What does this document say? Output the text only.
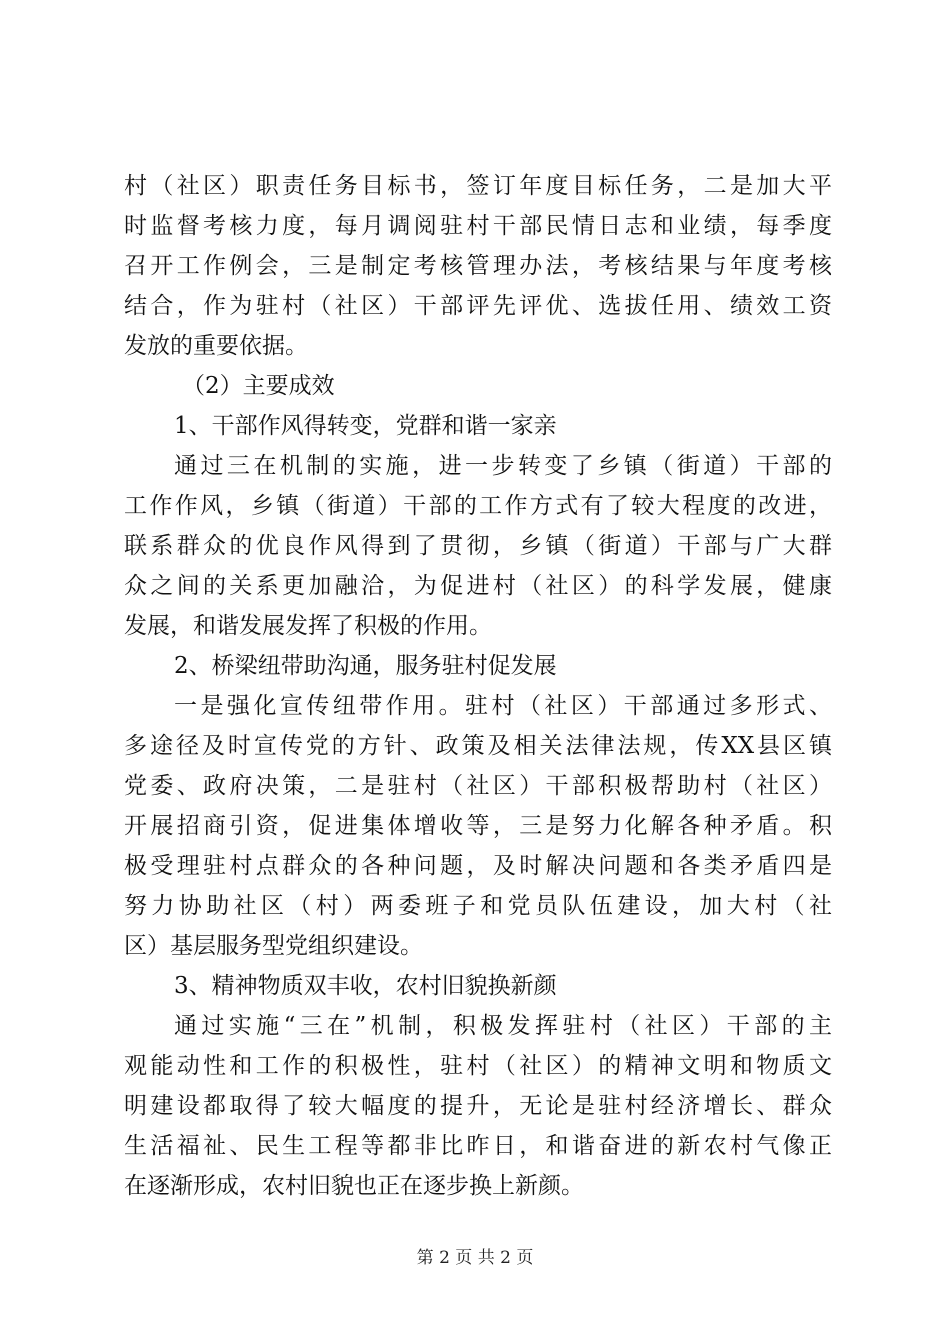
村（社区）职责任务目标书，签订年度目标任务，二是加大平
时监督考核力度，每月调阅驻村干部民情日志和业绩，每季度
召开工作例会，三是制定考核管理办法，考核结果与年度考核
结合，作为驻村（社区）干部评先评优、选拔任用、绩效工资
发放的重要依据。
（2）主要成效
1、干部作风得转变，党群和谐一家亲
通过三在机制的实施，进一步转变了乡镇（街道）干部的
工作作风，乡镇（街道）干部的工作方式有了较大程度的改进，
联系群众的优良作风得到了贯彻，乡镇（街道）干部与广大群
众之间的关系更加融洽，为促进村（社区）的科学发展，健康
发展，和谐发展发挥了积极的作用。
2、桥梁纽带助沟通，服务驻村促发展
一是强化宣传纽带作用。驻村（社区）干部通过多形式、
多途径及时宣传党的方针、政策及相关法律法规，传XX县区镇
党委、政府决策，二是驻村（社区）干部积极帮助村（社区）
开展招商引资，促进集体增收等，三是努力化解各种矛盾。积
极受理驻村点群众的各种问题，及时解决问题和各类矛盾四是
努力协助社区（村）两委班子和党员队伍建设，加大村（社
区）基层服务型党组织建设。
3、精神物质双丰收，农村旧貌换新颜
通过实施“三在”机制，积极发挥驻村（社区）干部的主
观能动性和工作的积极性，驻村（社区）的精神文明和物质文
明建设都取得了较大幅度的提升，无论是驻村经济增长、群众
生活福祉、民生工程等都非比昨日，和谐奋进的新农村气像正
在逐渐形成，农村旧貌也正在逐步换上新颜。
第 2 页 共 2 页
